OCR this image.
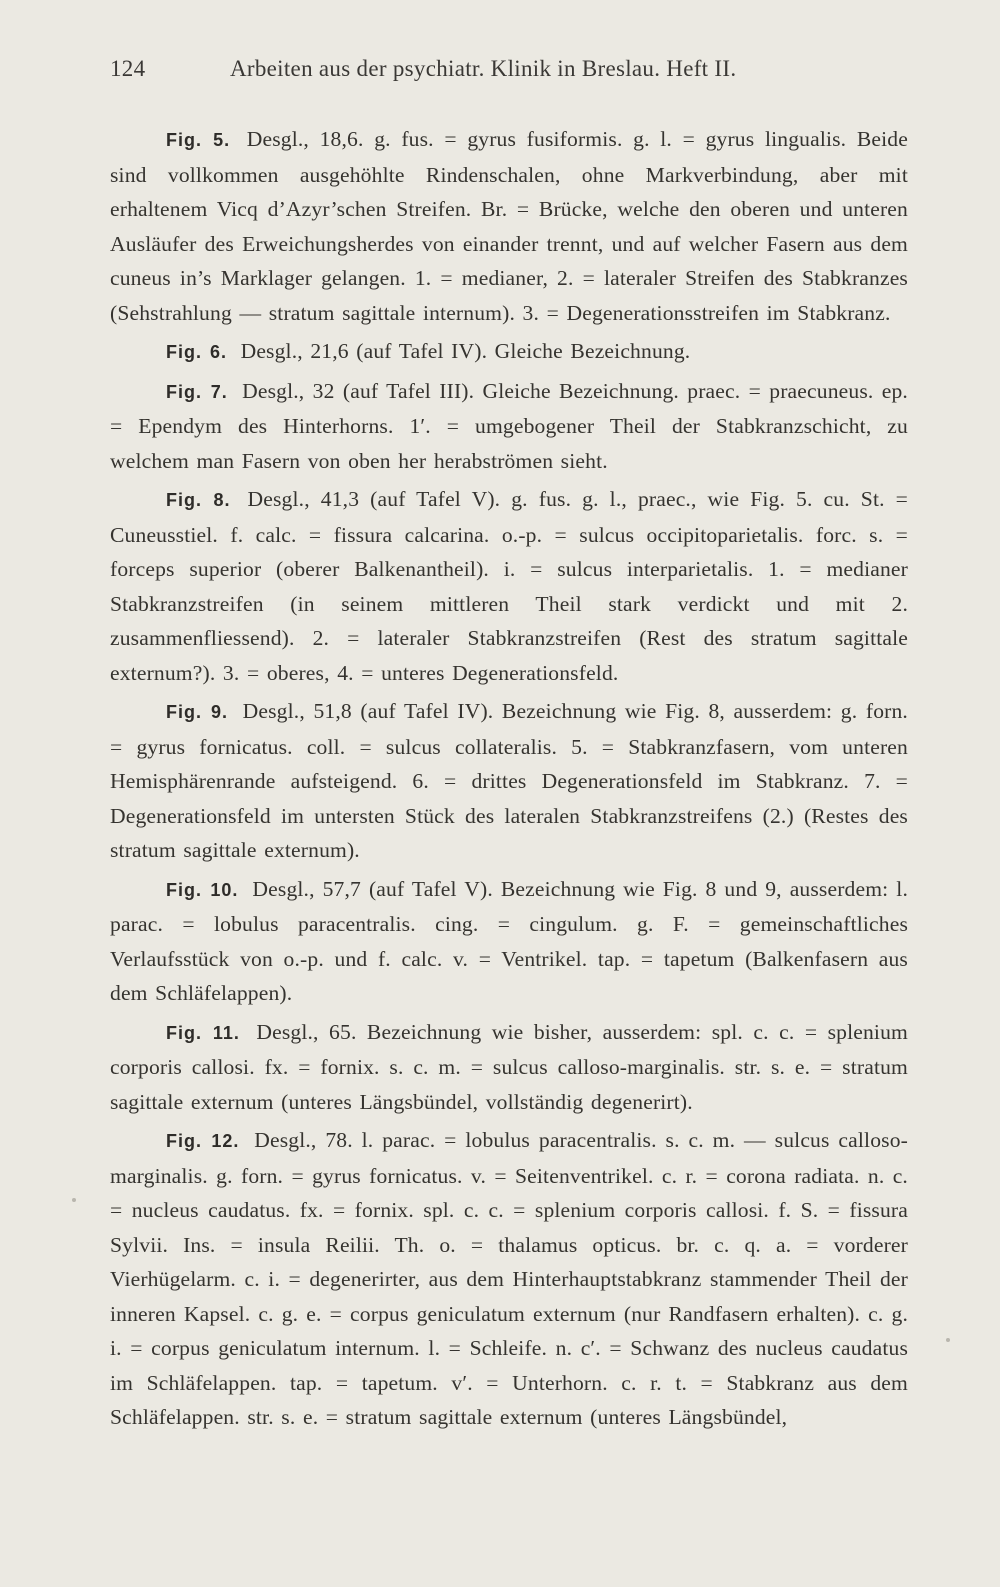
124	Arbeiten aus der psychiatr. Klinik in Breslau. Heft II.

Fig. 5. Desgl., 18,6. g. fus. = gyrus fusiformis. g. l. = gyrus lingualis. Beide sind vollkommen ausgehöhlte Rindenschalen, ohne Markverbindung, aber mit erhaltenem Vicq d’Azyr’schen Streifen. Br. = Brücke, welche den oberen und unteren Ausläufer des Erweichungsherdes von einander trennt, und auf welcher Fasern aus dem cuneus in’s Marklager gelangen. 1. = medianer, 2. = lateraler Streifen des Stabkranzes (Sehstrahlung — stratum sagittale internum). 3. = Degenerationsstreifen im Stabkranz.

Fig. 6. Desgl., 21,6 (auf Tafel IV). Gleiche Bezeichnung.

Fig. 7. Desgl., 32 (auf Tafel III). Gleiche Bezeichnung. praec. = praecuneus. ep. = Ependym des Hinterhorns. 1′. = umgebogener Theil der Stabkranzschicht, zu welchem man Fasern von oben her herabströmen sieht.

Fig. 8. Desgl., 41,3 (auf Tafel V). g. fus. g. l., praec., wie Fig. 5. cu. St. = Cuneusstiel. f. calc. = fissura calcarina. o.-p. = sulcus occipitoparietalis. forc. s. = forceps superior (oberer Balkenantheil). i. = sulcus interparietalis. 1. = medianer Stabkranzstreifen (in seinem mittleren Theil stark verdickt und mit 2. zusammenfliessend). 2. = lateraler Stabkranzstreifen (Rest des stratum sagittale externum?). 3. = oberes, 4. = unteres Degenerationsfeld.

Fig. 9. Desgl., 51,8 (auf Tafel IV). Bezeichnung wie Fig. 8, ausserdem: g. forn. = gyrus fornicatus. coll. = sulcus collateralis. 5. = Stabkranzfasern, vom unteren Hemisphärenrande aufsteigend. 6. = drittes Degenerationsfeld im Stabkranz. 7. = Degenerationsfeld im untersten Stück des lateralen Stabkranzstreifens (2.) (Restes des stratum sagittale externum).

Fig. 10. Desgl., 57,7 (auf Tafel V). Bezeichnung wie Fig. 8 und 9, ausserdem: l. parac. = lobulus paracentralis. cing. = cingulum. g. F. = gemeinschaftliches Verlaufsstück von o.-p. und f. calc. v. = Ventrikel. tap. = tapetum (Balkenfasern aus dem Schläfelappen).

Fig. 11. Desgl., 65. Bezeichnung wie bisher, ausserdem: spl. c. c. = splenium corporis callosi. fx. = fornix. s. c. m. = sulcus calloso-marginalis. str. s. e. = stratum sagittale externum (unteres Längsbündel, vollständig degenerirt).

Fig. 12. Desgl., 78. l. parac. = lobulus paracentralis. s. c. m. — sulcus calloso-marginalis. g. forn. = gyrus fornicatus. v. = Seitenventrikel. c. r. = corona radiata. n. c. = nucleus caudatus. fx. = fornix. spl. c. c. = splenium corporis callosi. f. S. = fissura Sylvii. Ins. = insula Reilii. Th. o. = thalamus opticus. br. c. q. a. = vorderer Vierhügelarm. c. i. = degenerirter, aus dem Hinterhauptstabkranz stammender Theil der inneren Kapsel. c. g. e. = corpus geniculatum externum (nur Randfasern erhalten). c. g. i. = corpus geniculatum internum. l. = Schleife. n. c′. = Schwanz des nucleus caudatus im Schläfelappen. tap. = tapetum. v′. = Unterhorn. c. r. t. = Stabkranz aus dem Schläfelappen. str. s. e. = stratum sagittale externum (unteres Längsbündel,
